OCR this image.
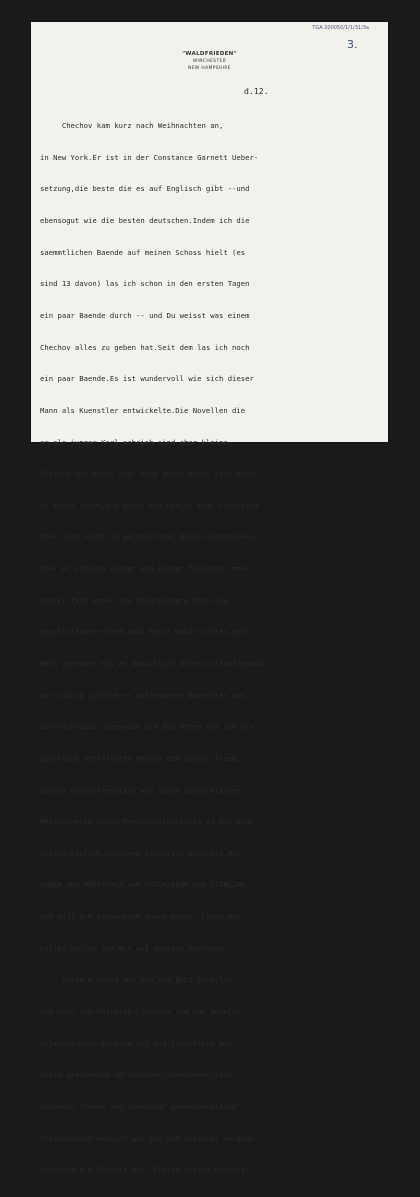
TGA 200050/1/1/31/3a
3.
"WALDFRIEDEN"
WINCHESTER
NEW HAMPSHIRE
d.12.

Chechov kam kurz nach Weihnachten an,

in New York.Er ist in der Constance Garnett Ueber-

setzung,die beste die es auf Englisch gibt --und

ebensogut wie die besten deutschen.Indem ich die

saemmtlichen Baende auf meinen Schoss hielt (es

sind 13 davon) las ich schon in den ersten Tagen

ein paar Baende durch -- und Du weisst was einem

Chechov alles zu geben hat.Seit dem las ich noch

ein paar Baende.Es ist wundervoll wie sich dieser

Mann als Kuenstler entwickelte.Die Novellen die

er als junger Kerl schrieb sind eher kleine

Skitzen die nicht sehr tief gehen,nicht sehr viel

zu sagen haben,und sogar das wenige zwar fliessend

aber auch nicht in gelungenster Weise ausdruecken.

Aber er schrieb weiter und weiter,forschte immer

tiefer,fand immer das bildreichere Wort,die

geschliffenere Form,sein Geist wurde reifer,sein

Herz groesser bis es menschlich direkt allumfassend

war:und da schrieb er vollendeter Kuenstler dem

die Technique unbewusst wie das Atmen war,und als

goettlich entfalteter Mensch dem nichts fremd,

nichts unverstaendlich war,seine unsterblichen

Meisterwerke.Ganze Menschenschicksale in ein paar

Seiten,einfach,ruehrend,plastisch,maechtig.Wie

VANKA und VEROTCHKA und OSTERABEND und LIEBLING.

Ich will die schoensten davon wieder lesen,mit

Dir.Du sollst sie mir auf deutsch vorlesen.

Gestern abend vor ich ins Bett ging,las

ich noch aus Matthias Claudius und aus Angelus

Silesius.Doch merkwuerdig und troestlich wie

viele grenzenlos verschieden-scheinende,sich

einander fremde und scheinbar unversoehnliche

Philosophien endlich auf ein und dasselbe ausgehn.

Silesius,als Christe,der "Cherubinische Wanders-
